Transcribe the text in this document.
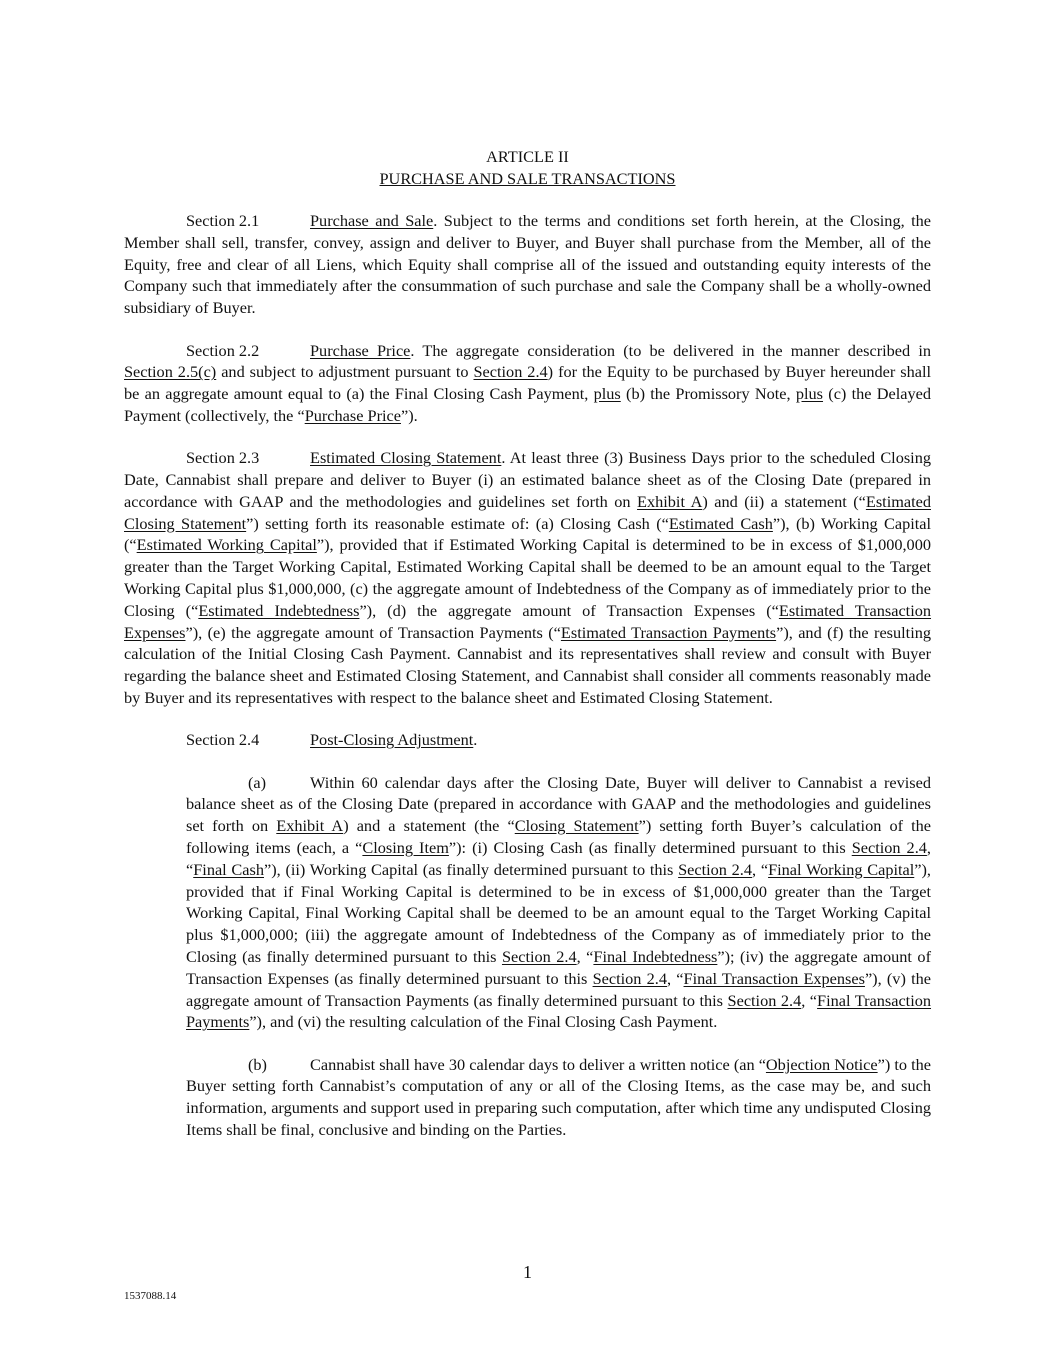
ARTICLE II
PURCHASE AND SALE TRANSACTIONS

Section 2.1	Purchase and Sale. Subject to the terms and conditions set forth herein, at the Closing, the Member shall sell, transfer, convey, assign and deliver to Buyer, and Buyer shall purchase from the Member, all of the Equity, free and clear of all Liens, which Equity shall comprise all of the issued and outstanding equity interests of the Company such that immediately after the consummation of such purchase and sale the Company shall be a wholly-owned subsidiary of Buyer.

Section 2.2	Purchase Price. The aggregate consideration (to be delivered in the manner described in Section 2.5(c) and subject to adjustment pursuant to Section 2.4) for the Equity to be purchased by Buyer hereunder shall be an aggregate amount equal to (a) the Final Closing Cash Payment, plus (b) the Promissory Note, plus (c) the Delayed Payment (collectively, the “Purchase Price”).

Section 2.3	Estimated Closing Statement. At least three (3) Business Days prior to the scheduled Closing Date, Cannabist shall prepare and deliver to Buyer (i) an estimated balance sheet as of the Closing Date (prepared in accordance with GAAP and the methodologies and guidelines set forth on Exhibit A) and (ii) a statement (“Estimated Closing Statement”) setting forth its reasonable estimate of: (a) Closing Cash (“Estimated Cash”), (b) Working Capital (“Estimated Working Capital”), provided that if Estimated Working Capital is determined to be in excess of $1,000,000 greater than the Target Working Capital, Estimated Working Capital shall be deemed to be an amount equal to the Target Working Capital plus $1,000,000, (c) the aggregate amount of Indebtedness of the Company as of immediately prior to the Closing (“Estimated Indebtedness”), (d) the aggregate amount of Transaction Expenses (“Estimated Transaction Expenses”), (e) the aggregate amount of Transaction Payments (“Estimated Transaction Payments”), and (f) the resulting calculation of the Initial Closing Cash Payment. Cannabist and its representatives shall review and consult with Buyer regarding the balance sheet and Estimated Closing Statement, and Cannabist shall consider all comments reasonably made by Buyer and its representatives with respect to the balance sheet and Estimated Closing Statement.

Section 2.4	Post-Closing Adjustment.

(a)	Within 60 calendar days after the Closing Date, Buyer will deliver to Cannabist a revised balance sheet as of the Closing Date (prepared in accordance with GAAP and the methodologies and guidelines set forth on Exhibit A) and a statement (the “Closing Statement”) setting forth Buyer’s calculation of the following items (each, a “Closing Item”): (i) Closing Cash (as finally determined pursuant to this Section 2.4, “Final Cash”), (ii) Working Capital (as finally determined pursuant to this Section 2.4, “Final Working Capital”), provided that if Final Working Capital is determined to be in excess of $1,000,000 greater than the Target Working Capital, Final Working Capital shall be deemed to be an amount equal to the Target Working Capital plus $1,000,000; (iii) the aggregate amount of Indebtedness of the Company as of immediately prior to the Closing (as finally determined pursuant to this Section 2.4, “Final Indebtedness”); (iv) the aggregate amount of Transaction Expenses (as finally determined pursuant to this Section 2.4, “Final Transaction Expenses”), (v) the aggregate amount of Transaction Payments (as finally determined pursuant to this Section 2.4, “Final Transaction Payments”), and (vi) the resulting calculation of the Final Closing Cash Payment.

(b)	Cannabist shall have 30 calendar days to deliver a written notice (an “Objection Notice”) to the Buyer setting forth Cannabist’s computation of any or all of the Closing Items, as the case may be, and such information, arguments and support used in preparing such computation, after which time any undisputed Closing Items shall be final, conclusive and binding on the Parties.

1
1537088.14
